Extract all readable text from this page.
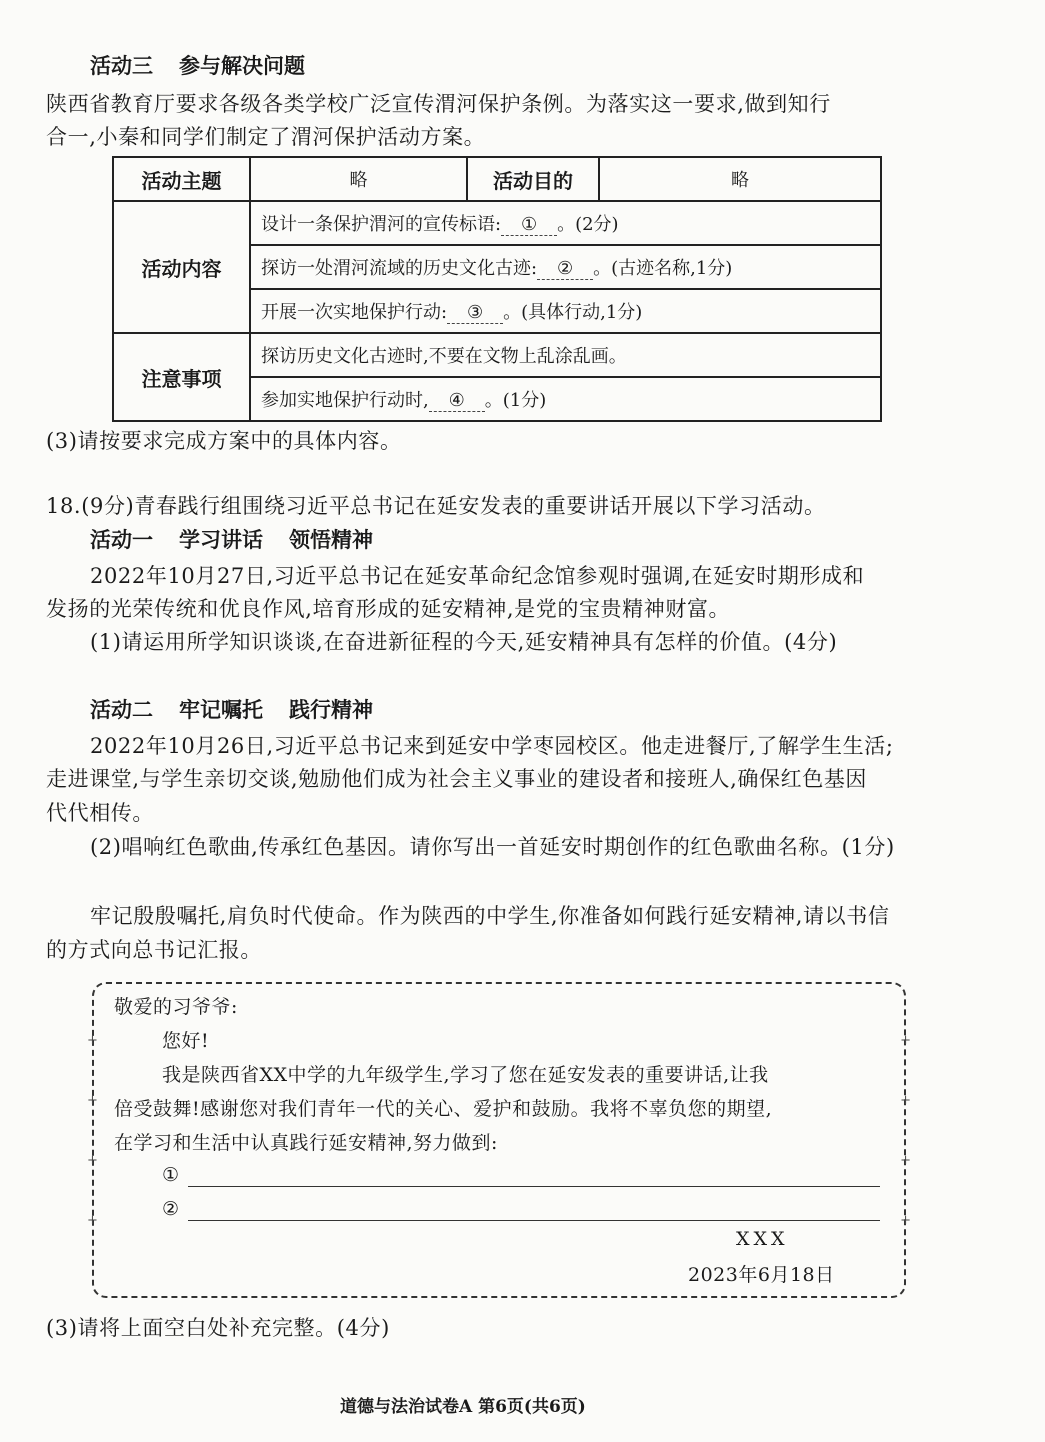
活动三 参与解决问题
陕西省教育厅要求各级各类学校广泛宣传渭河保护条例。为落实这一要求,做到知行
合一,小秦和同学们制定了渭河保护活动方案。
活动主题	略	活动目的	略
活动内容	设计一条保护渭河的宣传标语: ① 。(2分)		
	探访一处渭河流域的历史文化古迹: ② 。(古迹名称,1分)		
	开展一次实地保护行动: ③ 。(具体行动,1分)		
注意事项	探访历史文化古迹时,不要在文物上乱涂乱画。		
	参加实地保护行动时, ④ 。(1分)		
(3)请按要求完成方案中的具体内容。
18.(9分)青春践行组围绕习近平总书记在延安发表的重要讲话开展以下学习活动。
活动一 学习讲话 领悟精神
2022年10月27日,习近平总书记在延安革命纪念馆参观时强调,在延安时期形成和
发扬的光荣传统和优良作风,培育形成的延安精神,是党的宝贵精神财富。
(1)请运用所学知识谈谈,在奋进新征程的今天,延安精神具有怎样的价值。(4分)
活动二 牢记嘱托 践行精神
2022年10月26日,习近平总书记来到延安中学枣园校区。他走进餐厅,了解学生生活;
走进课堂,与学生亲切交谈,勉励他们成为社会主义事业的建设者和接班人,确保红色基因
代代相传。
(2)唱响红色歌曲,传承红色基因。请你写出一首延安时期创作的红色歌曲名称。(1分)
牢记殷殷嘱托,肩负时代使命。作为陕西的中学生,你准备如何践行延安精神,请以书信
的方式向总书记汇报。
+
+
+
+
+
+
+
+
敬爱的习爷爷:
您好!
我是陕西省XX中学的九年级学生,学习了您在延安发表的重要讲话,让我
倍受鼓舞!感谢您对我们青年一代的关心、爱护和鼓励。我将不辜负您的期望,
在学习和生活中认真践行延安精神,努力做到:
①
②
XXX
2023年6月18日
(3)请将上面空白处补充完整。(4分)
道德与法治试卷A 第6页(共6页)
